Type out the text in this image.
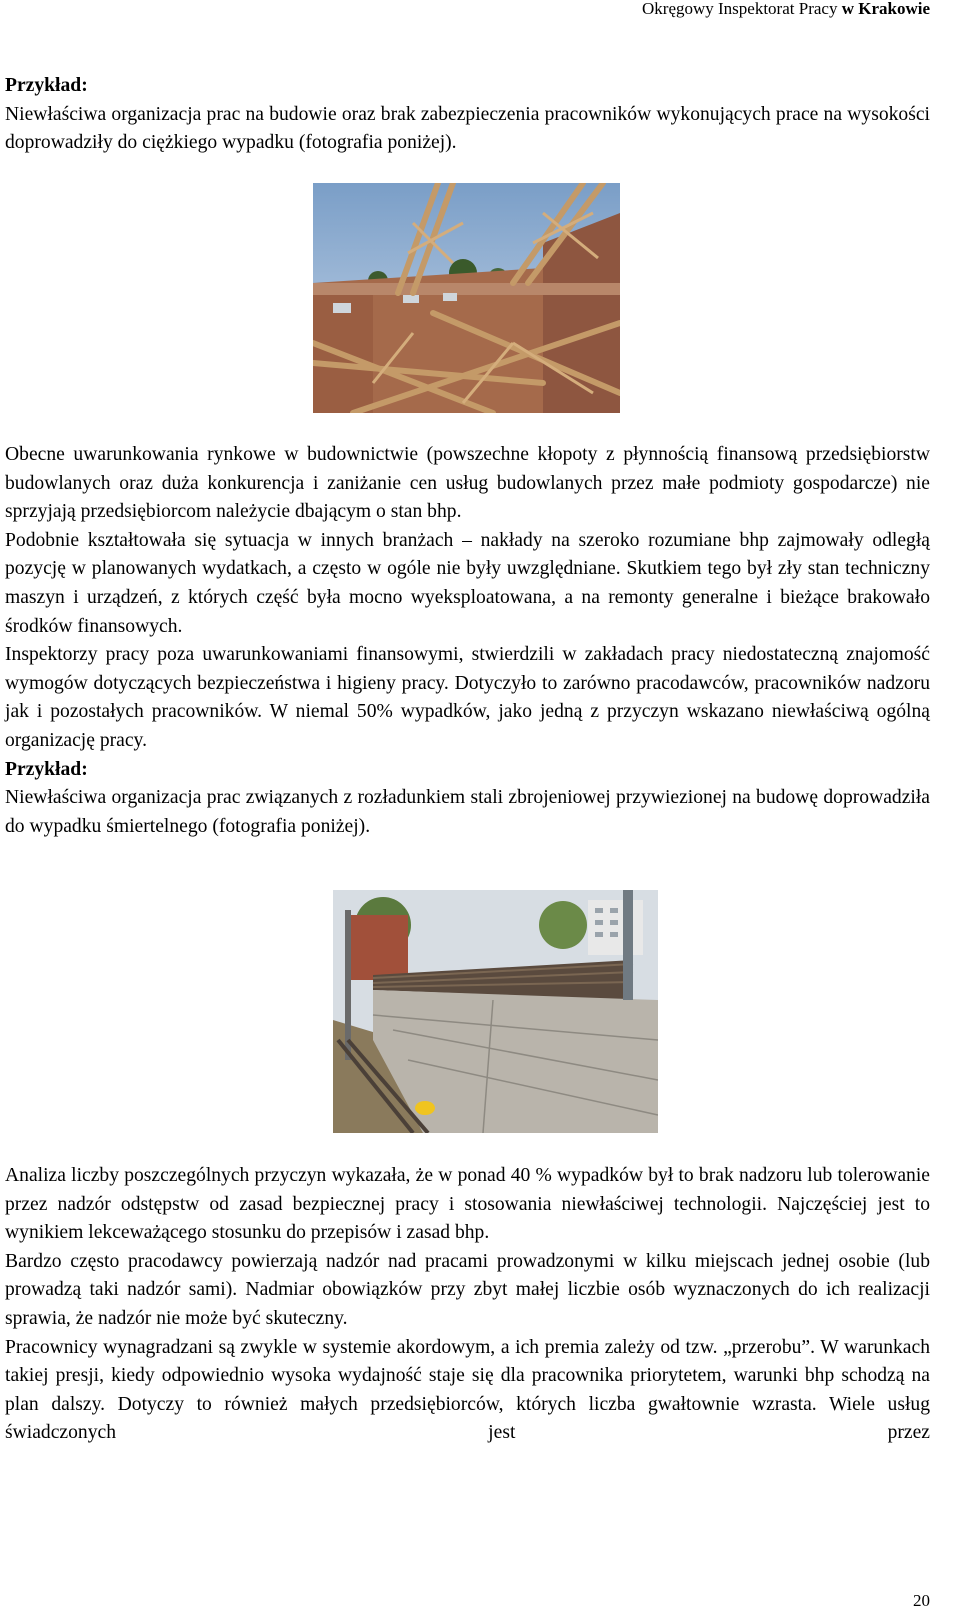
Okręgowy Inspektorat Pracy w Krakowie

Przykład:

Niewłaściwa organizacja prac na budowie oraz brak zabezpieczenia pracowników wykonujących prace na wysokości doprowadziły do ciężkiego wypadku (fotografia poniżej).

Obecne uwarunkowania rynkowe w budownictwie (powszechne kłopoty z płynnością finansową przedsiębiorstw budowlanych oraz duża konkurencja i zaniżanie cen usług budowlanych przez małe podmioty gospodarcze) nie sprzyjają przedsiębiorcom należycie dbającym o stan bhp.

Podobnie kształtowała się sytuacja w innych branżach – nakłady na szeroko rozumiane bhp zajmowały odległą pozycję w planowanych wydatkach, a często w ogóle nie były uwzględniane. Skutkiem tego był zły stan techniczny maszyn i urządzeń, z których część była mocno wyeksploatowana, a na remonty generalne i bieżące brakowało środków finansowych.

Inspektorzy pracy poza uwarunkowaniami finansowymi, stwierdzili w zakładach pracy niedostateczną znajomość wymogów dotyczących bezpieczeństwa i higieny pracy. Dotyczyło to zarówno pracodawców, pracowników nadzoru jak i pozostałych pracowników. W niemal 50% wypadków, jako jedną z przyczyn wskazano niewłaściwą ogólną organizację pracy.

Przykład:

Niewłaściwa organizacja prac związanych z rozładunkiem stali zbrojeniowej przywiezionej na budowę doprowadziła do wypadku śmiertelnego (fotografia poniżej).

Analiza liczby poszczególnych przyczyn wykazała, że w ponad 40 % wypadków był to brak nadzoru lub tolerowanie przez nadzór odstępstw od zasad bezpiecznej pracy i stosowania niewłaściwej technologii. Najczęściej jest to wynikiem lekceważącego stosunku do przepisów i zasad bhp.

Bardzo często pracodawcy powierzają nadzór nad pracami prowadzonymi w kilku miejscach jednej osobie (lub prowadzą taki nadzór sami). Nadmiar obowiązków przy zbyt małej liczbie osób wyznaczonych do ich realizacji sprawia, że nadzór nie może być skuteczny.

Pracownicy wynagradzani są zwykle w systemie akordowym, a ich premia zależy od tzw. „przerobu”. W warunkach takiej presji, kiedy odpowiednio wysoka wydajność staje się dla pracownika priorytetem, warunki bhp schodzą na plan dalszy. Dotyczy to również małych przedsiębiorców, których liczba gwałtownie wzrasta. Wiele usług świadczonych jest przez

20
